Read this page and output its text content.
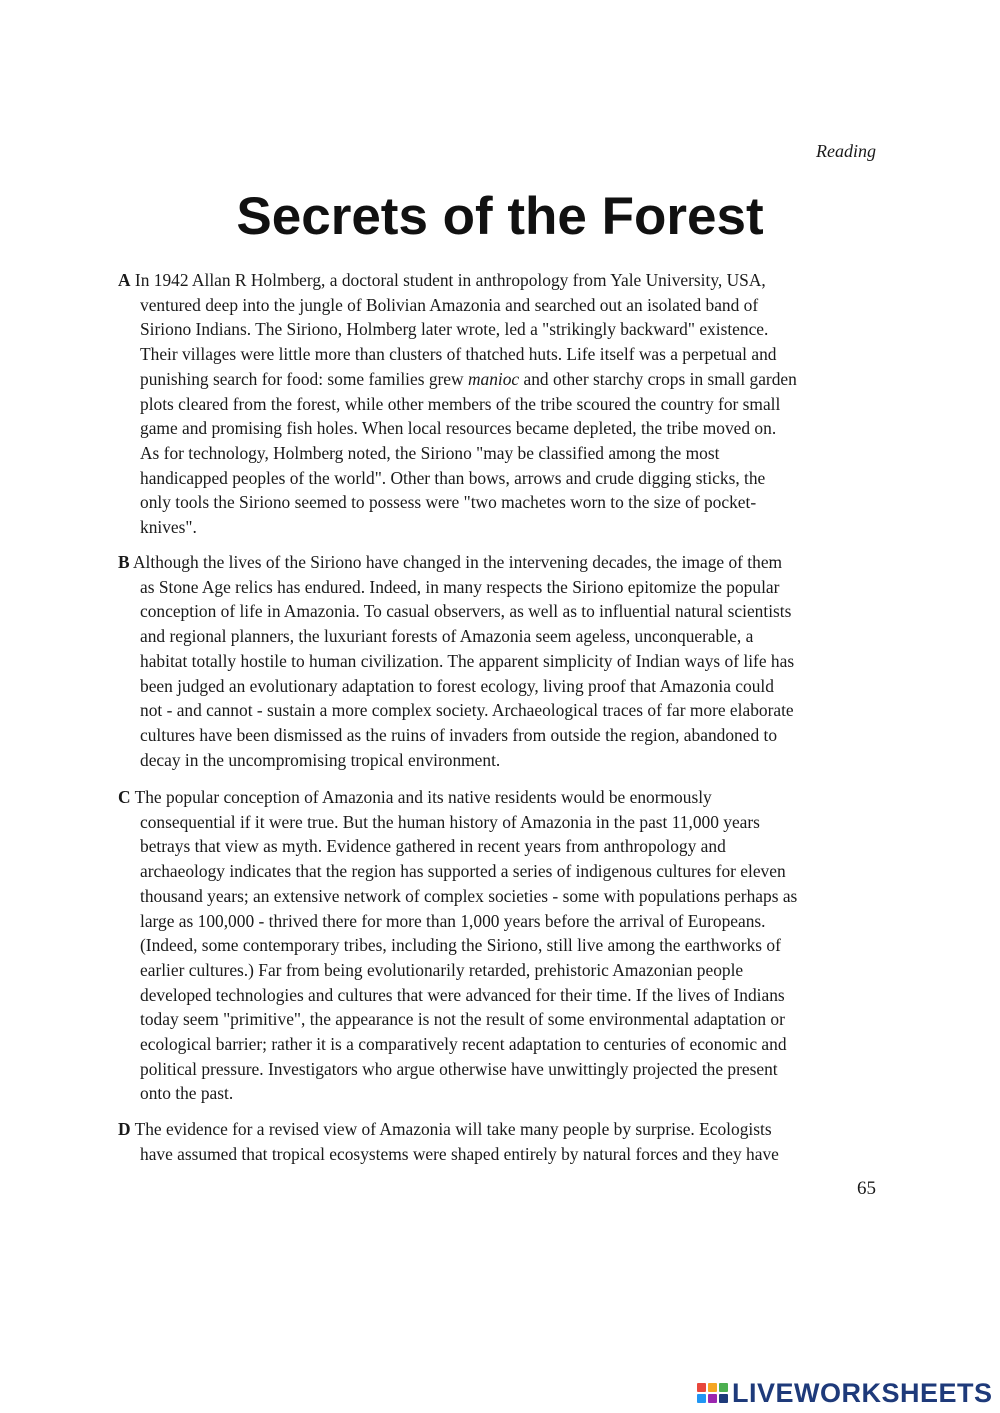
Reading
Secrets of the Forest

A In 1942 Allan R Holmberg, a doctoral student in anthropology from Yale University, USA,
ventured deep into the jungle of Bolivian Amazonia and searched out an isolated band of
Siriono Indians. The Siriono, Holmberg later wrote, led a "strikingly backward" existence.
Their villages were little more than clusters of thatched huts. Life itself was a perpetual and
punishing search for food: some families grew manioc and other starchy crops in small garden
plots cleared from the forest, while other members of the tribe scoured the country for small
game and promising fish holes. When local resources became depleted, the tribe moved on.
As for technology, Holmberg noted, the Siriono "may be classified among the most
handicapped peoples of the world". Other than bows, arrows and crude digging sticks, the
only tools the Siriono seemed to possess were "two machetes worn to the size of pocket-
knives".

B Although the lives of the Siriono have changed in the intervening decades, the image of them
as Stone Age relics has endured. Indeed, in many respects the Siriono epitomize the popular
conception of life in Amazonia. To casual observers, as well as to influential natural scientists
and regional planners, the luxuriant forests of Amazonia seem ageless, unconquerable, a
habitat totally hostile to human civilization. The apparent simplicity of Indian ways of life has
been judged an evolutionary adaptation to forest ecology, living proof that Amazonia could
not - and cannot - sustain a more complex society. Archaeological traces of far more elaborate
cultures have been dismissed as the ruins of invaders from outside the region, abandoned to
decay in the uncompromising tropical environment.

C The popular conception of Amazonia and its native residents would be enormously
consequential if it were true. But the human history of Amazonia in the past 11,000 years
betrays that view as myth. Evidence gathered in recent years from anthropology and
archaeology indicates that the region has supported a series of indigenous cultures for eleven
thousand years; an extensive network of complex societies - some with populations perhaps as
large as 100,000 - thrived there for more than 1,000 years before the arrival of Europeans.
(Indeed, some contemporary tribes, including the Siriono, still live among the earthworks of
earlier cultures.) Far from being evolutionarily retarded, prehistoric Amazonian people
developed technologies and cultures that were advanced for their time. If the lives of Indians
today seem "primitive", the appearance is not the result of some environmental adaptation or
ecological barrier; rather it is a comparatively recent adaptation to centuries of economic and
political pressure. Investigators who argue otherwise have unwittingly projected the present
onto the past.

D The evidence for a revised view of Amazonia will take many people by surprise. Ecologists
have assumed that tropical ecosystems were shaped entirely by natural forces and they have

65
LIVEWORKSHEETS
